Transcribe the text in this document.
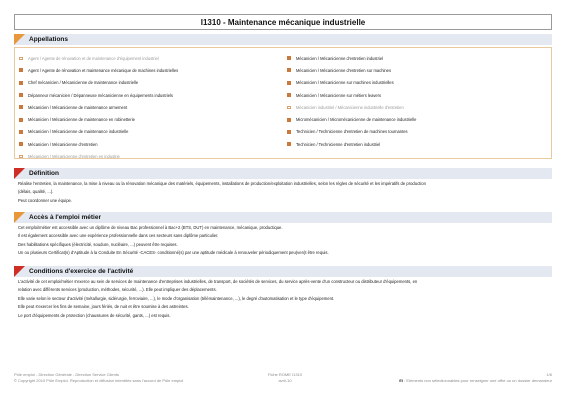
I1310 - Maintenance mécanique industrielle
Appellations
Agent / Agente de rénovation et de maintenance d'équipement industriel
Agent / Agente de rénovation et maintenance mécanique de machines industrielles
Chef mécanicien / Mécanicienne de maintenance industrielle
Dépanneur mécanicien / Dépanneuse mécanicienne en équipements industriels
Mécanicien / Mécanicienne de maintenance armement
Mécanicien / Mécanicienne de maintenance en robinetterie
Mécanicien / Mécanicienne de maintenance industrielle
Mécanicien / Mécanicienne d'entretien
Mécanicien / Mécanicienne d'entretien en industrie
Mécanicien / Mécanicienne d'entretien industriel
Mécanicien / Mécanicienne d'entretien sur machines
Mécanicien / Mécanicienne sur machines industrielles
Mécanicien / Mécanicienne sur métiers leavers
Mécanicien industriel / Mécanicienne industrielle d'entretien
Micromécanicien / Micromécanicienne de maintenance industrielle
Technicien / Technicienne d'entretien de machines tournantes
Technicien / Technicienne d'entretien industriel
Définition

Réalise l'entretien, la maintenance, la mise à niveau ou la rénovation mécanique des matériels, équipements, installations de production/exploitation industrielles, selon les règles de sécurité et les impératifs de production

(délais, qualité, ...).

Peut coordonner une équipe.

Accès à l'emploi métier

Cet emploi/métier est accessible avec un diplôme de niveau Bac professionnel à Bac+2 (BTS, DUT) en maintenance, mécanique, productique.

Il est également accessible avec une expérience professionnelle dans ces secteurs sans diplôme particulier.

Des habilitations spécifiques (électricité, soudure, nucléaire, ...) peuvent être requises.

Un ou plusieurs Certificat(s) d'Aptitude à la Conduite En Sécurité -CACES- conditionné(s) par une aptitude médicale à renouveler périodiquement peu(ven)t être requis.

Conditions d'exercice de l'activité

L'activité de cet emploi/métier s'exerce au sein de services de maintenance d'entreprises industrielles, de transport, de sociétés de services, du service après-vente d'un constructeur ou distributeur d'équipements, en

relation avec différents services (production, méthodes, sécurité, ...). Elle peut impliquer des déplacements.

Elle varie selon le secteur d'activité (métallurgie, sidérurgie, ferroviaire, ...), le mode d'organisation (télémaintenance, ...), le degré d'automatisation et le type d'équipement.

Elle peut s'exercer les fins de semaine, jours fériés, de nuit et être soumise à des astreintes.

Le port d'équipements de protection (chaussures de sécurité, gants, ...) est requis.

Pôle emploi - Direction Générale - Direction Service Clients
© Copyright 2010 Pôle Emploi. Reproduction et diffusion interdites sans l'accord de Pôle emploi
Fiche ROME I1310
avril-10
1/6
EI : Eléments non sélectionnables pour renseigner une offre ou un dossier demandeur
